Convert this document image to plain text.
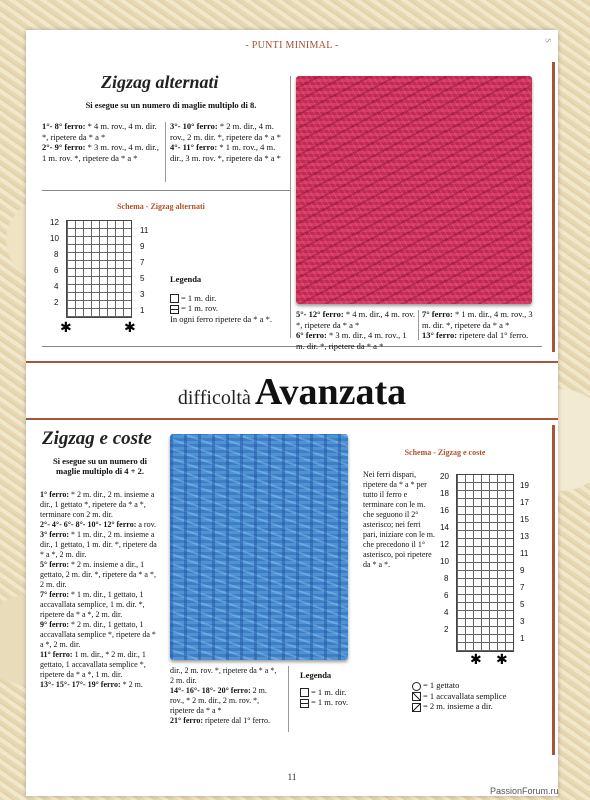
- PUNTI MINIMAL -	S
Zigzag alternati
Si esegue su un numero di maglie multiplo di 8.
1°- 8° ferro: * 4 m. rov., 4 m. dir. *, ripetere da * a *
2°- 9° ferro: * 3 m. rov., 4 m. dir., 1 m. rov. *, ripetere da * a *
3°- 10° ferro: * 2 m. dir., 4 m. rov., 2 m. dir. *, ripetere da * a *
4°- 11° ferro: * 1 m. rov., 4 m. dir., 3 m. rov. *, ripetere da * a *
Schema - Zigzag alternati
12
10
8
6
4
2
11
9
7
5
3
1
✱	✱
Legenda
= 1 m. dir.
= 1 m. rov.
In ogni ferro ripetere da * a *.	5°- 12° ferro: * 4 m. dir., 4 m. rov. *, ripetere da * a *
6° ferro: * 3 m. dir., 4 m. rov., 1 m. dir. *, ripetere da * a *
7° ferro: * 1 m. dir., 4 m. rov., 3 m. dir. *, ripetere da * a *
13° ferro: ripetere dal 1° ferro.
difficoltà Avanzata
Zigzag e coste
Si esegue su un numero di maglie multiplo di 4 + 2.
1° ferro: * 2 m. dir., 2 m. insieme a dir., 1 gettato *, ripetere da * a *, terminare con 2 m. dir.
2°- 4°- 6°- 8°- 10°- 12° ferro: a rov.
3° ferro: * 1 m. dir., 2 m. insieme a dir., 1 gettato, 1 m. dir. *, ripetere da * a *, 2 m. dir.
5° ferro: * 2 m. insieme a dir., 1 gettato, 2 m. dir. *, ripetere da * a *, 2 m. dir.
7° ferro: * 1 m. dir., 1 gettato, 1 accavallata semplice, 1 m. dir. *, ripetere da * a *, 2 m. dir.
9° ferro: * 2 m. dir., 1 gettato, 1 accavallata semplice *, ripetere da * a *, 2 m. dir.
11° ferro: 1 m. dir., * 2 m. dir., 1 gettato, 1 accavallata semplice *, ripetere da * a *, 1 m. dir.
13°- 15°- 17°- 19° ferro: * 2 m.
dir., 2 m. rov. *, ripetere da * a *, 2 m. dir.
14°- 16°- 18°- 20° ferro: 2 m. rov., * 2 m. dir., 2 m. rov. *, ripetere da * a *
21° ferro: ripetere dal 1° ferro.
Schema - Zigzag e coste
Nei ferri dispari, ripetere da * a * per tutto il ferro e terminare con le m. che seguono il 2° asterisco; nei ferri pari, iniziare con le m. che precedono il 1° asterisco, poi ripetere da * a *.
20
18
16
14
12
10
8
6
4
2
19
17
15
13
11
9
7
5
3
1
✱ ✱
Legenda
= 1 m. dir.
= 1 m. rov.
= 1 gettato
= 1 accavallata semplice
= 2 m. insieme a dir.
11
PassionForum.ru
